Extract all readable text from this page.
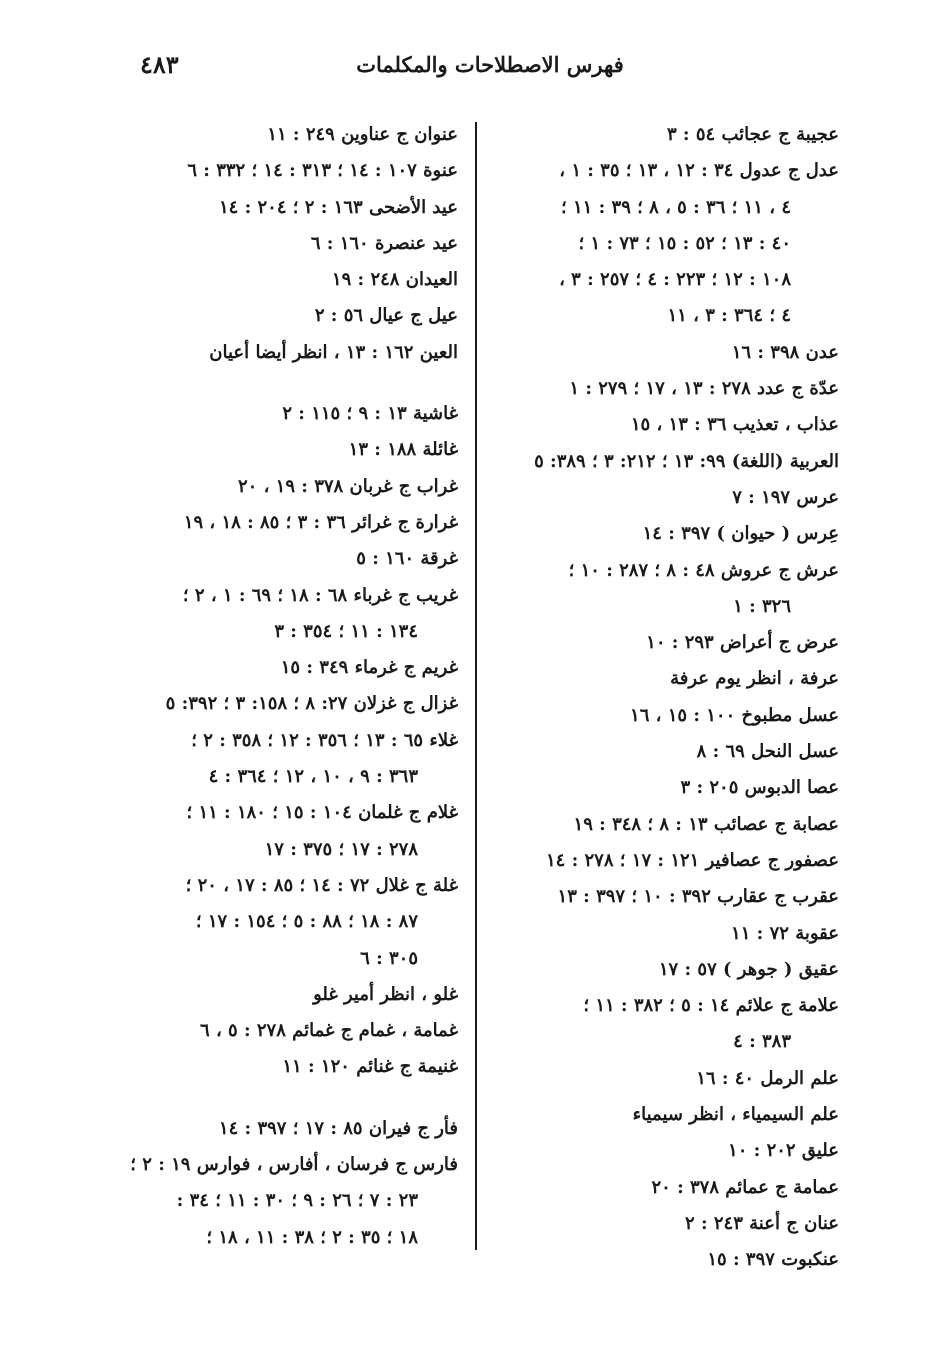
فهرس الاصطلاحات والمكلمات
٤٨٣
عجيبة ج عجائب ٥٤ : ٣
عدل ج عدول ٣٤ : ١٢ ، ١٣ ؛ ٣٥ : ١ ،
٤ ، ١١ ؛ ٣٦ : ٥ ، ٨ ؛ ٣٩ : ١١ ؛
٤٠ : ١٣ ؛ ٥٢ : ١٥ ؛ ٧٣ : ١ ؛
١٠٨ : ١٢ ؛ ٢٢٣ : ٤ ؛ ٢٥٧ : ٣ ،
٤ ؛ ٣٦٤ : ٣ ، ١١
عدن ٣٩٨ : ١٦
عدّة ج عدد ٢٧٨ : ١٣ ، ١٧ ؛ ٢٧٩ : ١
عذاب ، تعذيب ٣٦ : ١٣ ، ١٥
العربية (اللغة) ٩٩: ١٣ ؛ ٢١٢: ٣ ؛ ٣٨٩: ٥
عرس ١٩٧ : ٧
عِرس ( حيوان ) ٣٩٧ : ١٤
عرش ج عروش ٤٨ : ٨ ؛ ٢٨٧ : ١٠ ؛
٣٢٦ : ١
عرض ج أعراض ٢٩٣ : ١٠
عرفة ، انظر يوم عرفة
عسل مطبوخ ١٠٠ : ١٥ ، ١٦
عسل النحل ٦٩ : ٨
عصا الدبوس ٢٠٥ : ٣
عصابة ج عصائب ١٣ : ٨ ؛ ٣٤٨ : ١٩
عصفور ج عصافير ١٢١ : ١٧ ؛ ٢٧٨ : ١٤
عقرب ج عقارب ٣٩٢ : ١٠ ؛ ٣٩٧ : ١٣
عقوبة ٧٢ : ١١
عقيق ( جوهر ) ٥٧ : ١٧
علامة ج علائم ١٤ : ٥ ؛ ٣٨٢ : ١١ ؛
٣٨٣ : ٤
علم الرمل ٤٠ : ١٦
علم السيمياء ، انظر سيمياء
عليق ٢٠٢ : ١٠
عمامة ج عمائم ٣٧٨ : ٢٠
عنان ج أعنة ٢٤٣ : ٢
عنكبوت ٣٩٧ : ١٥
عنوان ج عناوين ٢٤٩ : ١١
عنوة ١٠٧ : ١٤ ؛ ٣١٣ : ١٤ ؛ ٣٣٢ : ٦
عيد الأضحى ١٦٣ : ٢ ؛ ٢٠٤ : ١٤
عيد عنصرة ١٦٠ : ٦
العيدان ٢٤٨ : ١٩
عيل ج عيال ٥٦ : ٢
العين ١٦٢ : ١٣ ، انظر أيضا أعيان
غاشية ١٣ : ٩ ؛ ١١٥ : ٢
غائلة ١٨٨ : ١٣
غراب ج غربان ٣٧٨ : ١٩ ، ٢٠
غرارة ج غرائر ٣٦ : ٣ ؛ ٨٥ : ١٨ ، ١٩
غرقة ١٦٠ : ٥
غريب ج غرباء ٦٨ : ١٨ ؛ ٦٩ : ١ ، ٢ ؛
١٣٤ : ١١ ؛ ٣٥٤ : ٣
غريم ج غرماء ٣٤٩ : ١٥
غزال ج غزلان ٢٧: ٨ ؛ ١٥٨: ٣ ؛ ٣٩٢: ٥
غلاء ٦٥ : ١٣ ؛ ٣٥٦ : ١٢ ؛ ٣٥٨ : ٢ ؛
٣٦٣ : ٩ ، ١٠ ، ١٢ ؛ ٣٦٤ : ٤
غلام ج غلمان ١٠٤ : ١٥ ؛ ١٨٠ : ١١ ؛
٢٧٨ : ١٧ ؛ ٣٧٥ : ١٧
غلة ج غلال ٧٢ : ١٤ ؛ ٨٥ : ١٧ ، ٢٠ ؛
٨٧ : ١٨ ؛ ٨٨ : ٥ ؛ ١٥٤ : ١٧ ؛
٣٠٥ : ٦
غلو ، انظر أمير غلو
غمامة ، غمام ج غمائم ٢٧٨ : ٥ ، ٦
غنيمة ج غنائم ١٢٠ : ١١
فأر ج فيران ٨٥ : ١٧ ؛ ٣٩٧ : ١٤
فارس ج فرسان ، أفارس ، فوارس ١٩ : ٢ ؛
٢٣ : ٧ ؛ ٢٦ : ٩ ؛ ٣٠ : ١١ ؛ ٣٤ :
١٨ ؛ ٣٥ : ٢ ؛ ٣٨ : ١١ ، ١٨ ؛
